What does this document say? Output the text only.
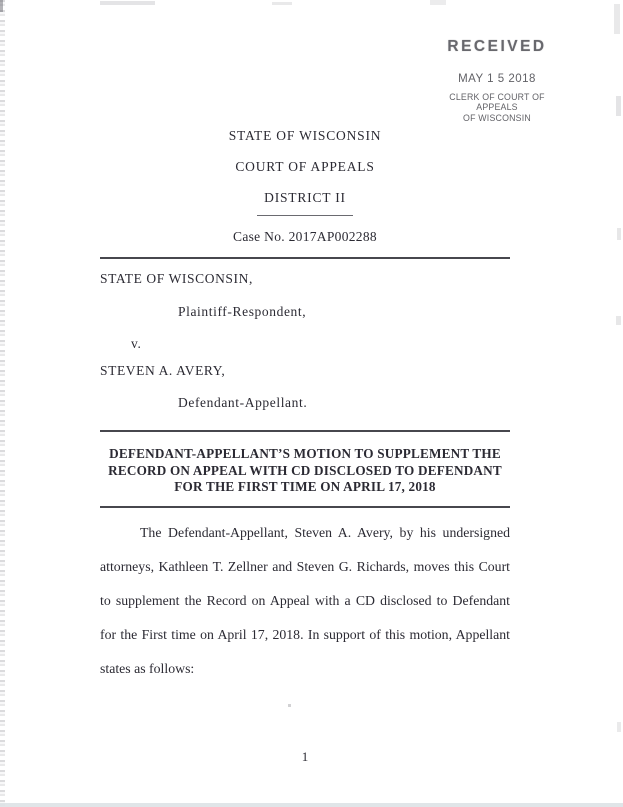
RECEIVED
MAY 1 5 2018
CLERK OF COURT OF APPEALS
OF WISCONSIN
STATE OF WISCONSIN
COURT OF APPEALS
DISTRICT II
Case No. 2017AP002288
STATE OF WISCONSIN,
Plaintiff-Respondent,
v.
STEVEN A. AVERY,
Defendant-Appellant.
DEFENDANT-APPELLANT’S MOTION TO SUPPLEMENT THE
RECORD ON APPEAL WITH CD DISCLOSED TO DEFENDANT
FOR THE FIRST TIME ON APRIL 17, 2018
The Defendant-Appellant, Steven A. Avery, by his undersigned
attorneys, Kathleen T. Zellner and Steven G. Richards, moves this Court
to supplement the Record on Appeal with a CD disclosed to Defendant
for the First time on April 17, 2018. In support of this motion, Appellant
states as follows:
1
